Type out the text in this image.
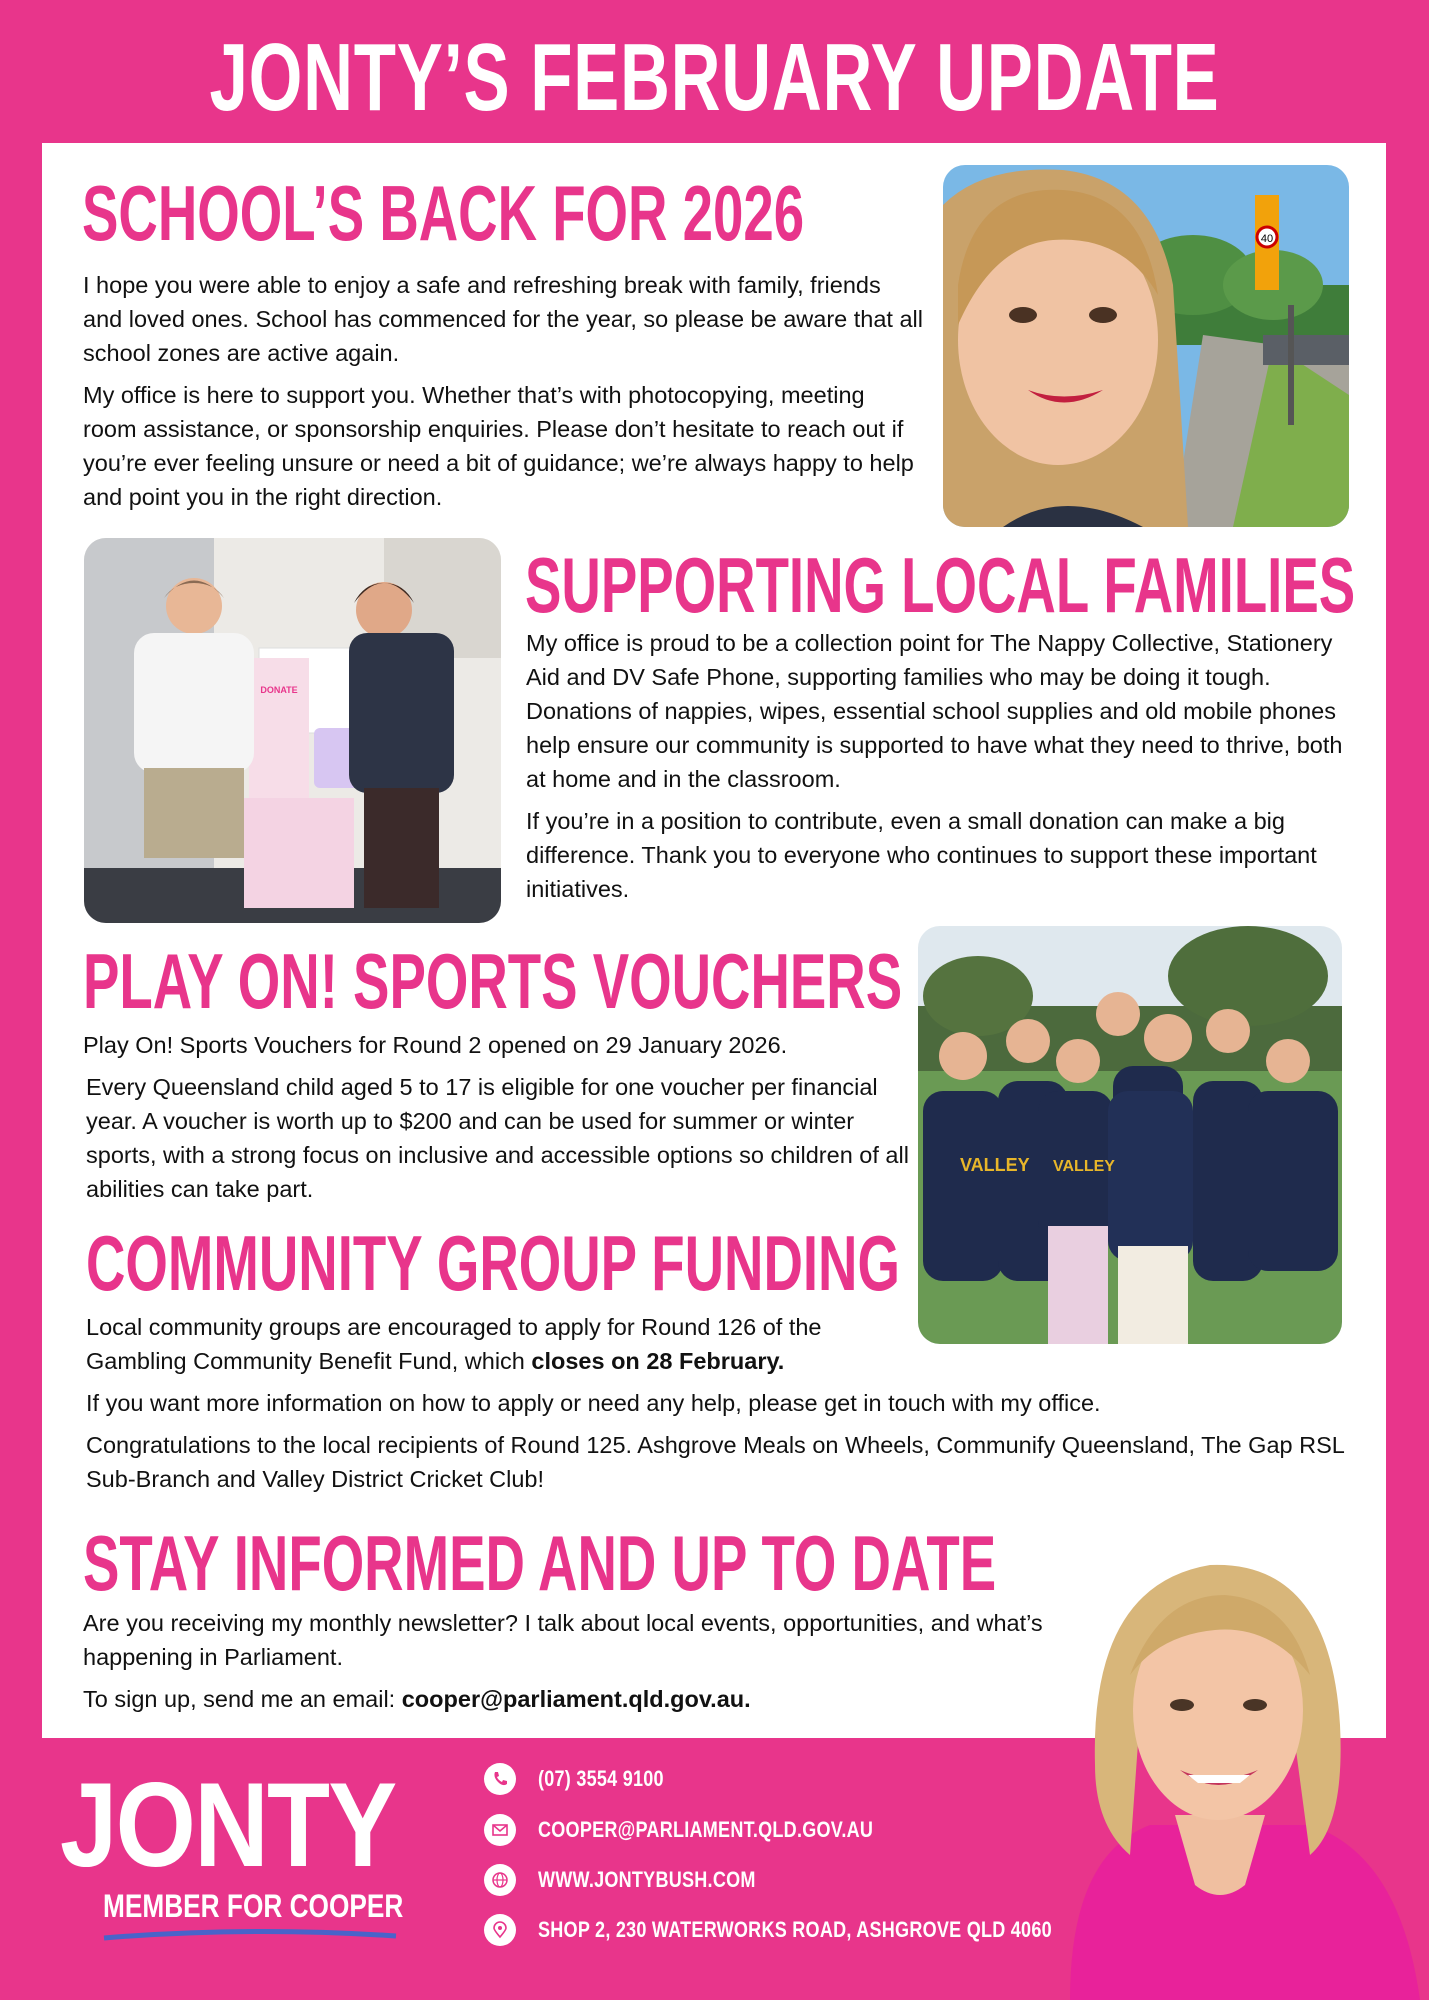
JONTY’S FEBRUARY UPDATE
SCHOOL’S BACK FOR 2026

I hope you were able to enjoy a safe and refreshing break with family, friends and loved ones. School has commenced for the year, so please be aware that all school zones are active again.

My office is here to support you. Whether that’s with photocopying, meeting room assistance, or sponsorship enquiries. Please don’t hesitate to reach out if you’re ever feeling unsure or need a bit of guidance; we’re always happy to help and point you in the right direction.

40
DONATE
SUPPORTING LOCAL FAMILIES

My office is proud to be a collection point for The Nappy Collective, Stationery Aid and DV Safe Phone, supporting families who may be doing it tough. Donations of nappies, wipes, essential school supplies and old mobile phones help ensure our community is supported to have what they need to thrive, both at home and in the classroom.

If you’re in a position to contribute, even a small donation can make a big difference. Thank you to everyone who continues to support these important initiatives.

PLAY ON! SPORTS VOUCHERS

Play On! Sports Vouchers for Round 2 opened on 29 January 2026.

Every Queensland child aged 5 to 17 is eligible for one voucher per financial year. A voucher is worth up to $200 and can be used for summer or winter sports, with a strong focus on inclusive and accessible options so children of all abilities can take part.

VALLEY VALLEY
COMMUNITY GROUP FUNDING

Local community groups are encouraged to apply for Round 126 of the Gambling Community Benefit Fund, which closes on 28 February.

If you want more information on how to apply or need any help, please get in touch with my office.

Congratulations to the local recipients of Round 125. Ashgrove Meals on Wheels, Communify Queensland, The Gap RSL Sub-Branch and Valley District Cricket Club!

STAY INFORMED AND UP TO DATE

Are you receiving my monthly newsletter? I talk about local events, opportunities, and what’s happening in Parliament.

To sign up, send me an email: cooper@parliament.qld.gov.au.

JONTY
MEMBER FOR COOPER
(07) 3554 9100
COOPER@PARLIAMENT.QLD.GOV.AU
WWW.JONTYBUSH.COM
SHOP 2, 230 WATERWORKS ROAD, ASHGROVE QLD 4060
